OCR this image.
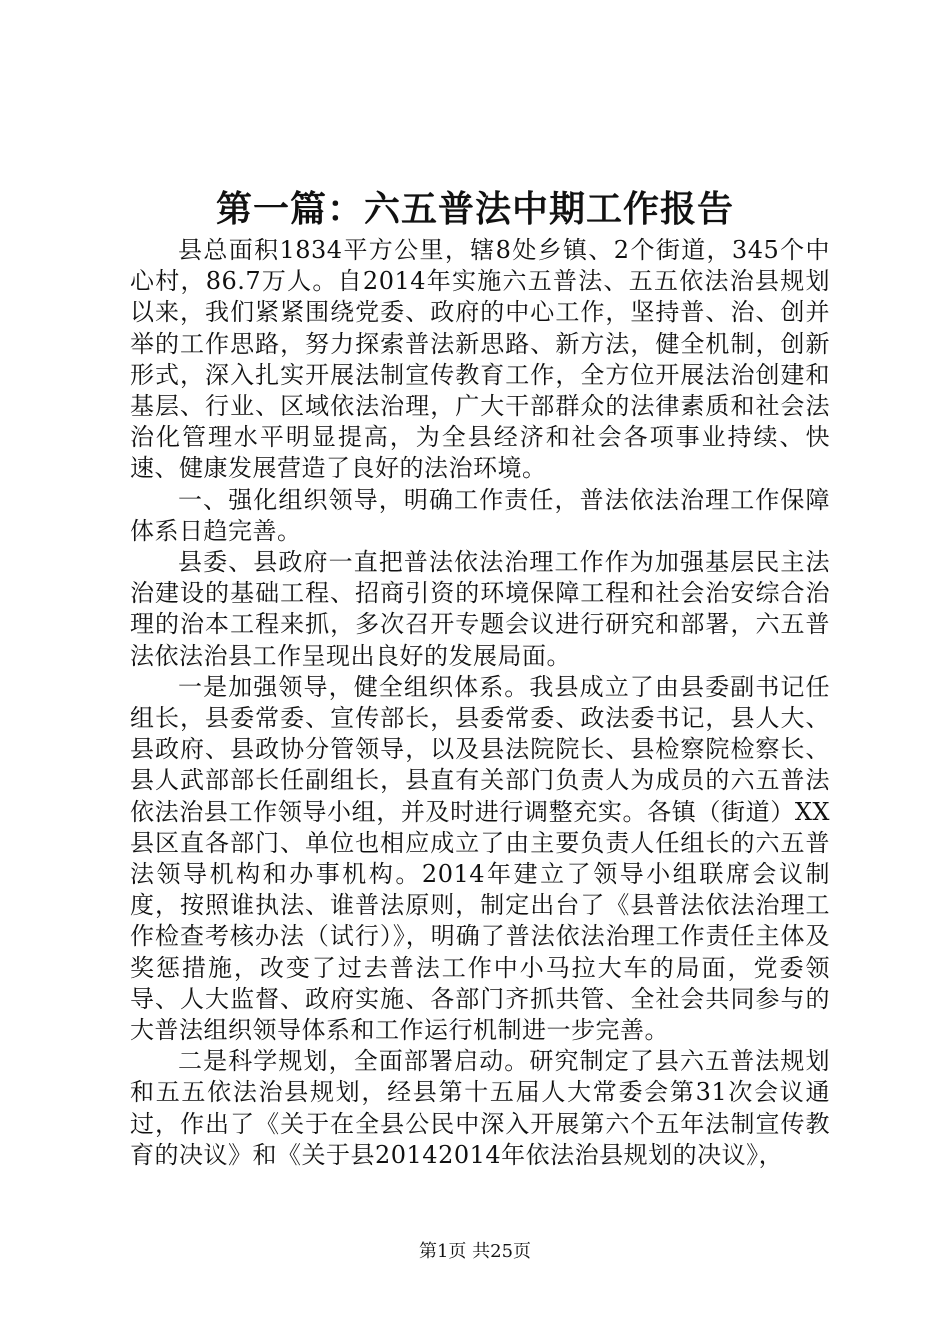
第一篇：六五普法中期工作报告

县总面积1834平方公里，辖8处乡镇、2个街道，345个中心村，86.7万人。自2014年实施六五普法、五五依法治县规划以来，我们紧紧围绕党委、政府的中心工作，坚持普、治、创并举的工作思路，努力探索普法新思路、新方法，健全机制，创新形式，深入扎实开展法制宣传教育工作，全方位开展法治创建和基层、行业、区域依法治理，广大干部群众的法律素质和社会法治化管理水平明显提高，为全县经济和社会各项事业持续、快速、健康发展营造了良好的法治环境。

一、强化组织领导，明确工作责任，普法依法治理工作保障体系日趋完善。

县委、县政府一直把普法依法治理工作作为加强基层民主法治建设的基础工程、招商引资的环境保障工程和社会治安综合治理的治本工程来抓，多次召开专题会议进行研究和部署，六五普法依法治县工作呈现出良好的发展局面。

一是加强领导，健全组织体系。我县成立了由县委副书记任组长，县委常委、宣传部长，县委常委、政法委书记，县人大、县政府、县政协分管领导，以及县法院院长、县检察院检察长、县人武部部长任副组长，县直有关部门负责人为成员的六五普法依法治县工作领导小组，并及时进行调整充实。各镇（街道）XX县区直各部门、单位也相应成立了由主要负责人任组长的六五普法领导机构和办事机构。2014年建立了领导小组联席会议制度，按照谁执法、谁普法原则，制定出台了《县普法依法治理工作检查考核办法（试行）》，明确了普法依法治理工作责任主体及奖惩措施，改变了过去普法工作中小马拉大车的局面，党委领导、人大监督、政府实施、各部门齐抓共管、全社会共同参与的大普法组织领导体系和工作运行机制进一步完善。

二是科学规划，全面部署启动。研究制定了县六五普法规划和五五依法治县规划，经县第十五届人大常委会第31次会议通过，作出了《关于在全县公民中深入开展第六个五年法制宣传教育的决议》和《关于县20142014年依法治县规划的决议》，

第1页 共25页
